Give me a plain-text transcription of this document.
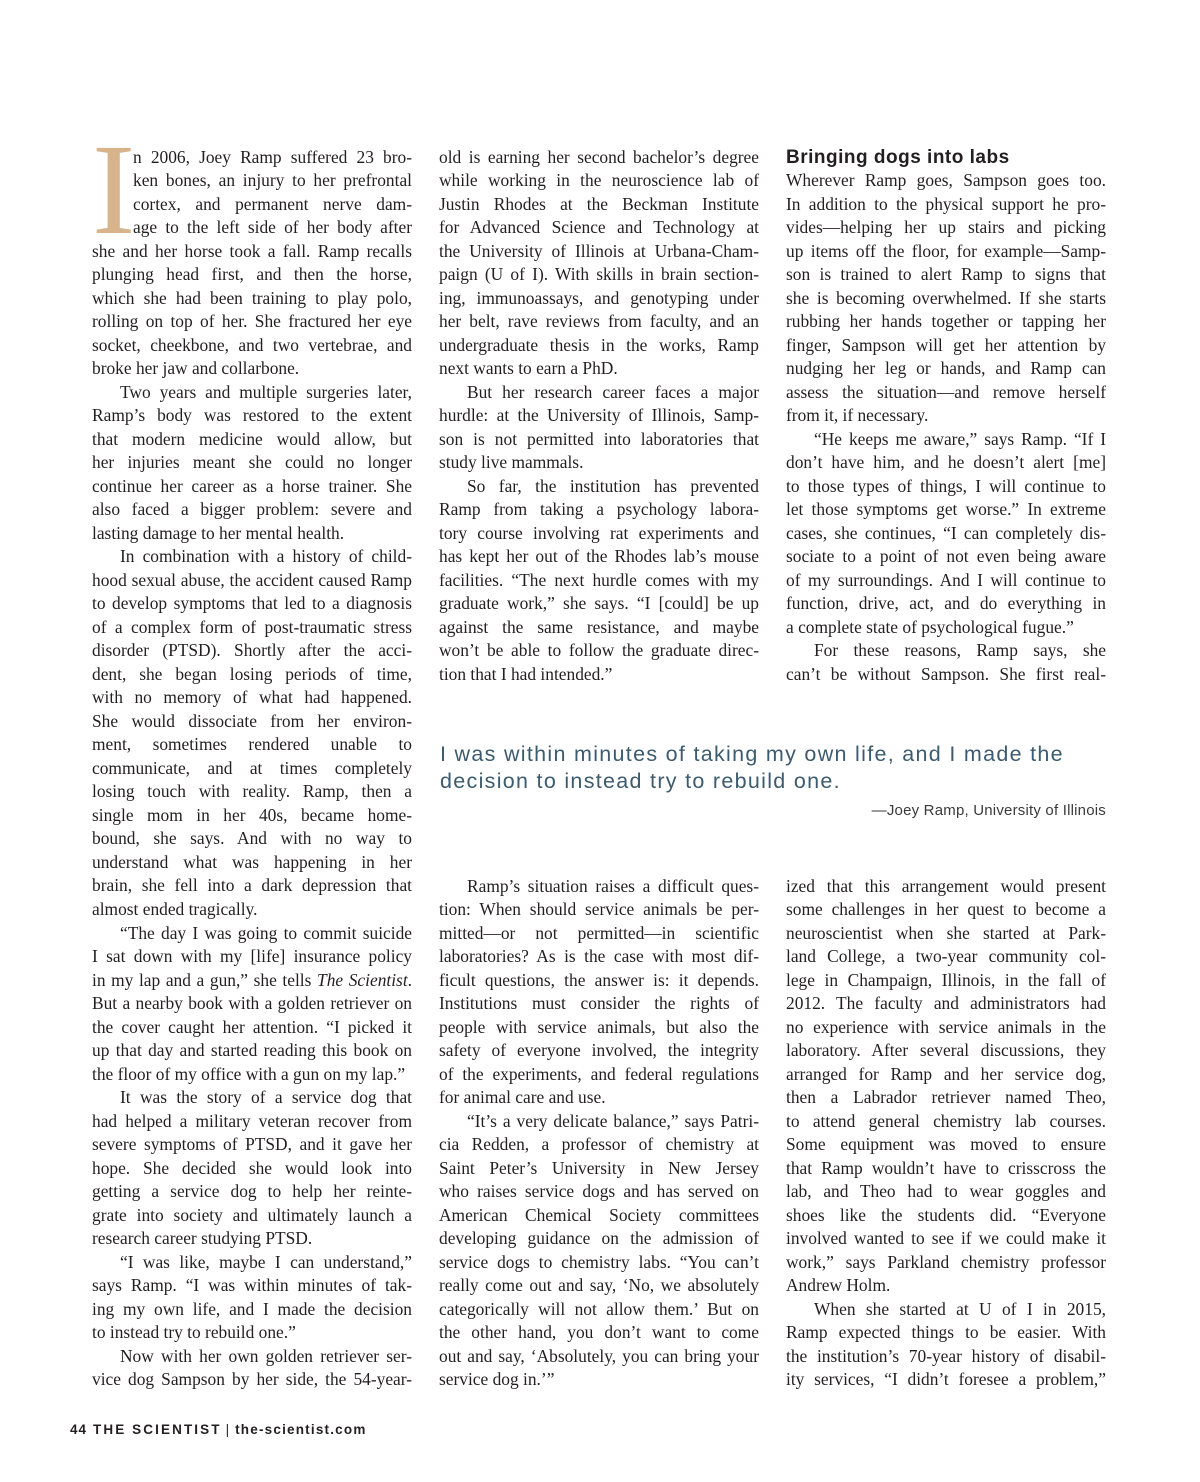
I
n 2006, Joey Ramp suffered 23 bro-
ken bones, an injury to her prefrontal
cortex, and permanent nerve dam-
age to the left side of her body after
she and her horse took a fall. Ramp recalls
plunging head first, and then the horse,
which she had been training to play polo,
rolling on top of her. She fractured her eye
socket, cheekbone, and two vertebrae, and
broke her jaw and collarbone.
Two years and multiple surgeries later,
Ramp’s body was restored to the extent
that modern medicine would allow, but
her injuries meant she could no longer
continue her career as a horse trainer. She
also faced a bigger problem: severe and
lasting damage to her mental health.
In combination with a history of child-
hood sexual abuse, the accident caused Ramp
to develop symptoms that led to a diagnosis
of a complex form of post-traumatic stress
disorder (PTSD). Shortly after the acci-
dent, she began losing periods of time,
with no memory of what had happened.
She would dissociate from her environ-
ment, sometimes rendered unable to
communicate, and at times completely
losing touch with reality. Ramp, then a
single mom in her 40s, became home-
bound, she says. And with no way to
understand what was happening in her
brain, she fell into a dark depression that
almost ended tragically.
“The day I was going to commit suicide
I sat down with my [life] insurance policy
in my lap and a gun,” she tells The Scientist.
But a nearby book with a golden retriever on
the cover caught her attention. “I picked it
up that day and started reading this book on
the floor of my office with a gun on my lap.”
It was the story of a service dog that
had helped a military veteran recover from
severe symptoms of PTSD, and it gave her
hope. She decided she would look into
getting a service dog to help her reinte-
grate into society and ultimately launch a
research career studying PTSD.
“I was like, maybe I can understand,”
says Ramp. “I was within minutes of tak-
ing my own life, and I made the decision
to instead try to rebuild one.”
Now with her own golden retriever ser-
vice dog Sampson by her side, the 54-year-
old is earning her second bachelor’s degree
while working in the neuroscience lab of
Justin Rhodes at the Beckman Institute
for Advanced Science and Technology at
the University of Illinois at Urbana-Cham-
paign (U of I). With skills in brain section-
ing, immunoassays, and genotyping under
her belt, rave reviews from faculty, and an
undergraduate thesis in the works, Ramp
next wants to earn a PhD.
But her research career faces a major
hurdle: at the University of Illinois, Samp-
son is not permitted into laboratories that
study live mammals.
So far, the institution has prevented
Ramp from taking a psychology labora-
tory course involving rat experiments and
has kept her out of the Rhodes lab’s mouse
facilities. “The next hurdle comes with my
graduate work,” she says. “I [could] be up
against the same resistance, and maybe
won’t be able to follow the graduate direc-
tion that I had intended.”
Bringing dogs into labs
Wherever Ramp goes, Sampson goes too.
In addition to the physical support he pro-
vides—helping her up stairs and picking
up items off the floor, for example—Samp-
son is trained to alert Ramp to signs that
she is becoming overwhelmed. If she starts
rubbing her hands together or tapping her
finger, Sampson will get her attention by
nudging her leg or hands, and Ramp can
assess the situation—and remove herself
from it, if necessary.
“He keeps me aware,” says Ramp. “If I
don’t have him, and he doesn’t alert [me]
to those types of things, I will continue to
let those symptoms get worse.” In extreme
cases, she continues, “I can completely dis-
sociate to a point of not even being aware
of my surroundings. And I will continue to
function, drive, act, and do everything in
a complete state of psychological fugue.”
For these reasons, Ramp says, she
can’t be without Sampson. She first real-
I was within minutes of taking my own life, and I made the
decision to instead try to rebuild one.
—Joey Ramp, University of Illinois
Ramp’s situation raises a difficult ques-
tion: When should service animals be per-
mitted—or not permitted—in scientific
laboratories? As is the case with most dif-
ficult questions, the answer is: it depends.
Institutions must consider the rights of
people with service animals, but also the
safety of everyone involved, the integrity
of the experiments, and federal regulations
for animal care and use.
“It’s a very delicate balance,” says Patri-
cia Redden, a professor of chemistry at
Saint Peter’s University in New Jersey
who raises service dogs and has served on
American Chemical Society committees
developing guidance on the admission of
service dogs to chemistry labs. “You can’t
really come out and say, ‘No, we absolutely
categorically will not allow them.’ But on
the other hand, you don’t want to come
out and say, ‘Absolutely, you can bring your
service dog in.’”
ized that this arrangement would present
some challenges in her quest to become a
neuroscientist when she started at Park-
land College, a two-year community col-
lege in Champaign, Illinois, in the fall of
2012. The faculty and administrators had
no experience with service animals in the
laboratory. After several discussions, they
arranged for Ramp and her service dog,
then a Labrador retriever named Theo,
to attend general chemistry lab courses.
Some equipment was moved to ensure
that Ramp wouldn’t have to crisscross the
lab, and Theo had to wear goggles and
shoes like the students did. “Everyone
involved wanted to see if we could make it
work,” says Parkland chemistry professor
Andrew Holm.
When she started at U of I in 2015,
Ramp expected things to be easier. With
the institution’s 70-year history of disabil-
ity services, “I didn’t foresee a problem,”
44 THE SCIENTIST | the-scientist.com
